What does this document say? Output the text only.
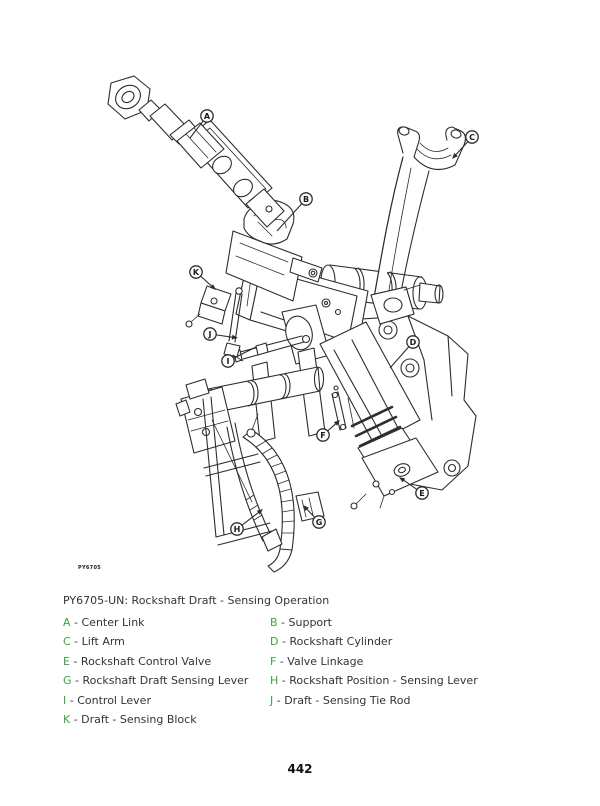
A
B
C
D
E
F
G
H
I
J
K
PY6705
PY6705-UN: Rockshaft Draft - Sensing Operation
A - Center Link
C - Lift Arm
E - Rockshaft Control Valve
G - Rockshaft Draft Sensing Lever
I - Control Lever
K - Draft - Sensing Block
B - Support
D - Rockshaft Cylinder
F - Valve Linkage
H - Rockshaft Position - Sensing Lever
J - Draft - Sensing Tie Rod
442
